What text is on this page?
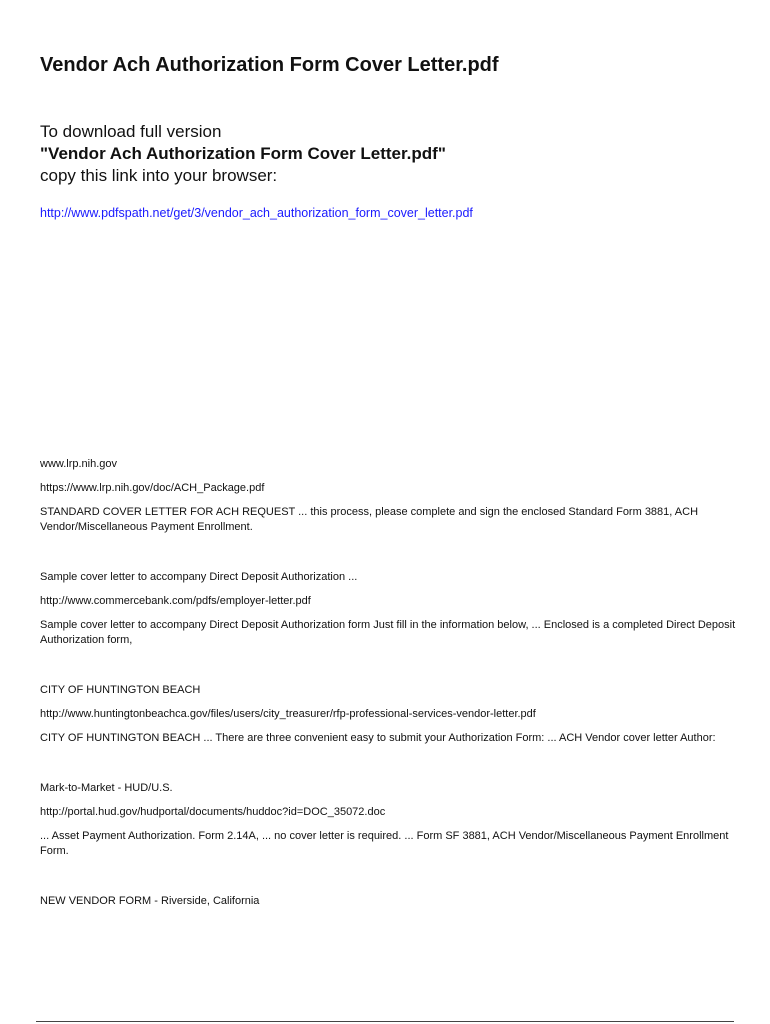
Vendor Ach Authorization Form Cover Letter.pdf
To download full version
"Vendor Ach Authorization Form Cover Letter.pdf"
copy this link into your browser:
http://www.pdfspath.net/get/3/vendor_ach_authorization_form_cover_letter.pdf
www.lrp.nih.gov
https://www.lrp.nih.gov/doc/ACH_Package.pdf

STANDARD COVER LETTER FOR ACH REQUEST ... this process, please complete and sign the enclosed Standard Form 3881, ACH Vendor/Miscellaneous Payment Enrollment.

Sample cover letter to accompany Direct Deposit Authorization ...
http://www.commercebank.com/pdfs/employer-letter.pdf

Sample cover letter to accompany Direct Deposit Authorization form Just fill in the information below, ... Enclosed is a completed Direct Deposit Authorization form,

CITY OF HUNTINGTON BEACH
http://www.huntingtonbeachca.gov/files/users/city_treasurer/rfp-professional-services-vendor-letter.pdf

CITY OF HUNTINGTON BEACH ... There are three convenient easy to submit your Authorization Form: ... ACH Vendor cover letter Author:

Mark-to-Market - HUD/U.S.
http://portal.hud.gov/hudportal/documents/huddoc?id=DOC_35072.doc

... Asset Payment Authorization. Form 2.14A, ... no cover letter is required. ... Form SF 3881, ACH Vendor/Miscellaneous Payment Enrollment Form.

NEW VENDOR FORM - Riverside, California
